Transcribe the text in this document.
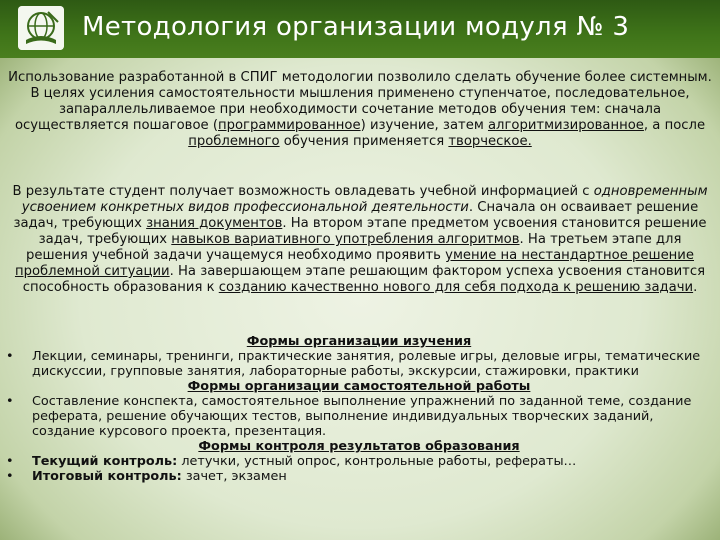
Методология организации модуля № 3
Использование разработанной в СПИГ методологии позволило сделать обучение более системным. В целях усиления самостоятельности мышления применено ступенчатое, последовательное, запараллельливаемое при необходимости сочетание методов обучения тем: сначала осуществляется пошаговое (программированное) изучение, затем алгоритмизированное, а после проблемного обучения применяется творческое.
В результате студент получает возможность овладевать учебной информацией с одновременным усвоением конкретных видов профессиональной деятельности. Сначала он осваивает решение задач, требующих знания документов. На втором этапе предметом усвоения становится решение задач, требующих навыков вариативного употребления алгоритмов. На третьем этапе для решения учебной задачи учащемуся необходимо проявить умение на нестандартное решение проблемной ситуации. На завершающем этапе решающим фактором успеха усвоения становится способность образования к созданию качественно нового для себя подхода к решению задачи.
Формы организации изучения
• Лекции, семинары, тренинги, практические занятия, ролевые игры, деловые игры, тематические дискуссии, групповые занятия, лабораторные работы, экскурсии, стажировки, практики
Формы организации самостоятельной работы
• Составление конспекта, самостоятельное выполнение упражнений по заданной теме, создание реферата, решение обучающих тестов, выполнение индивидуальных творческих заданий, создание курсового проекта, презентация.
Формы контроля результатов образования
• Текущий контроль: летучки, устный опрос, контрольные работы, рефераты…
• Итоговый контроль: зачет, экзамен
